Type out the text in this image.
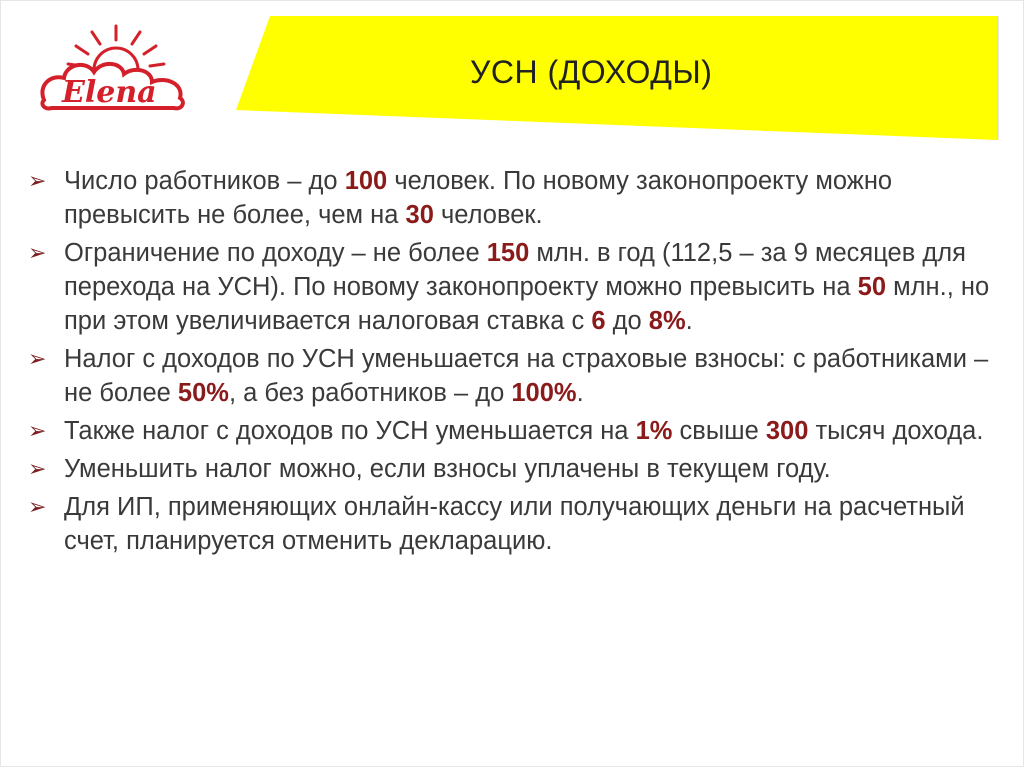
Elena
УСН (ДОХОДЫ)
➢ Число работников – до 100 человек. По новому законопроекту можно превысить не более, чем на 30 человек.
➢ Ограничение по доходу – не более 150 млн. в год (112,5 – за 9 месяцев для перехода на УСН). По новому законопроекту можно превысить на 50 млн., но при этом увеличивается налоговая ставка с 6 до 8%.
➢ Налог с доходов по УСН уменьшается на страховые взносы: с работниками – не более 50%, а без работников – до 100%.
➢ Также налог с доходов по УСН уменьшается на 1% свыше 300 тысяч дохода.
➢ Уменьшить налог можно, если взносы уплачены в текущем году.
➢ Для ИП, применяющих онлайн-кассу или получающих деньги на расчетный счет, планируется отменить декларацию.
